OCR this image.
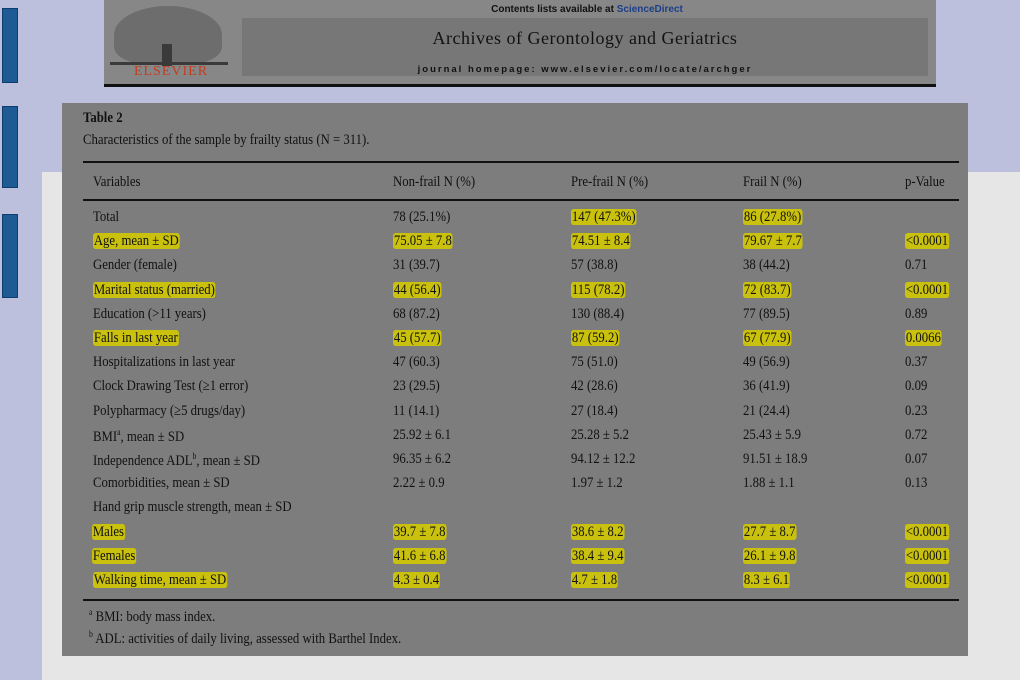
ELSEVIER
Contents lists available at ScienceDirect
Archives of Gerontology and Geriatrics
journal homepage: www.elsevier.com/locate/archger
Table 2
Characteristics of the sample by frailty status (N = 311).
Variables	Non-frail N (%)	Pre-frail N (%)	Frail N (%)	p-Value
Total	78 (25.1%)	147 (47.3%)	86 (27.8%)
Age, mean ± SD	75.05 ± 7.8	74.51 ± 8.4	79.67 ± 7.7	<0.0001
Gender (female)	31 (39.7)	57 (38.8)	38 (44.2)	0.71
Marital status (married)	44 (56.4)	115 (78.2)	72 (83.7)	<0.0001
Education (>11 years)	68 (87.2)	130 (88.4)	77 (89.5)	0.89
Falls in last year	45 (57.7)	87 (59.2)	67 (77.9)	0.0066
Hospitalizations in last year	47 (60.3)	75 (51.0)	49 (56.9)	0.37
Clock Drawing Test (≥1 error)	23 (29.5)	42 (28.6)	36 (41.9)	0.09
Polypharmacy (≥5 drugs/day)	11 (14.1)	27 (18.4)	21 (24.4)	0.23
BMI$^a$, mean ± SD	25.92 ± 6.1	25.28 ± 5.2	25.43 ± 5.9	0.72
Independence ADL$^b$, mean ± SD	96.35 ± 6.2	94.12 ± 12.2	91.51 ± 18.9	0.07
Comorbidities, mean ± SD	2.22 ± 0.9	1.97 ± 1.2	1.88 ± 1.1	0.13
Hand grip muscle strength, mean ± SD
Males	39.7 ± 7.8	38.6 ± 8.2	27.7 ± 8.7	<0.0001
Females	41.6 ± 6.8	38.4 ± 9.4	26.1 ± 9.8	<0.0001
Walking time, mean ± SD	4.3 ± 0.4	4.7 ± 1.8	8.3 ± 6.1	<0.0001
$^a$ BMI: body mass index.
$^b$ ADL: activities of daily living, assessed with Barthel Index.
